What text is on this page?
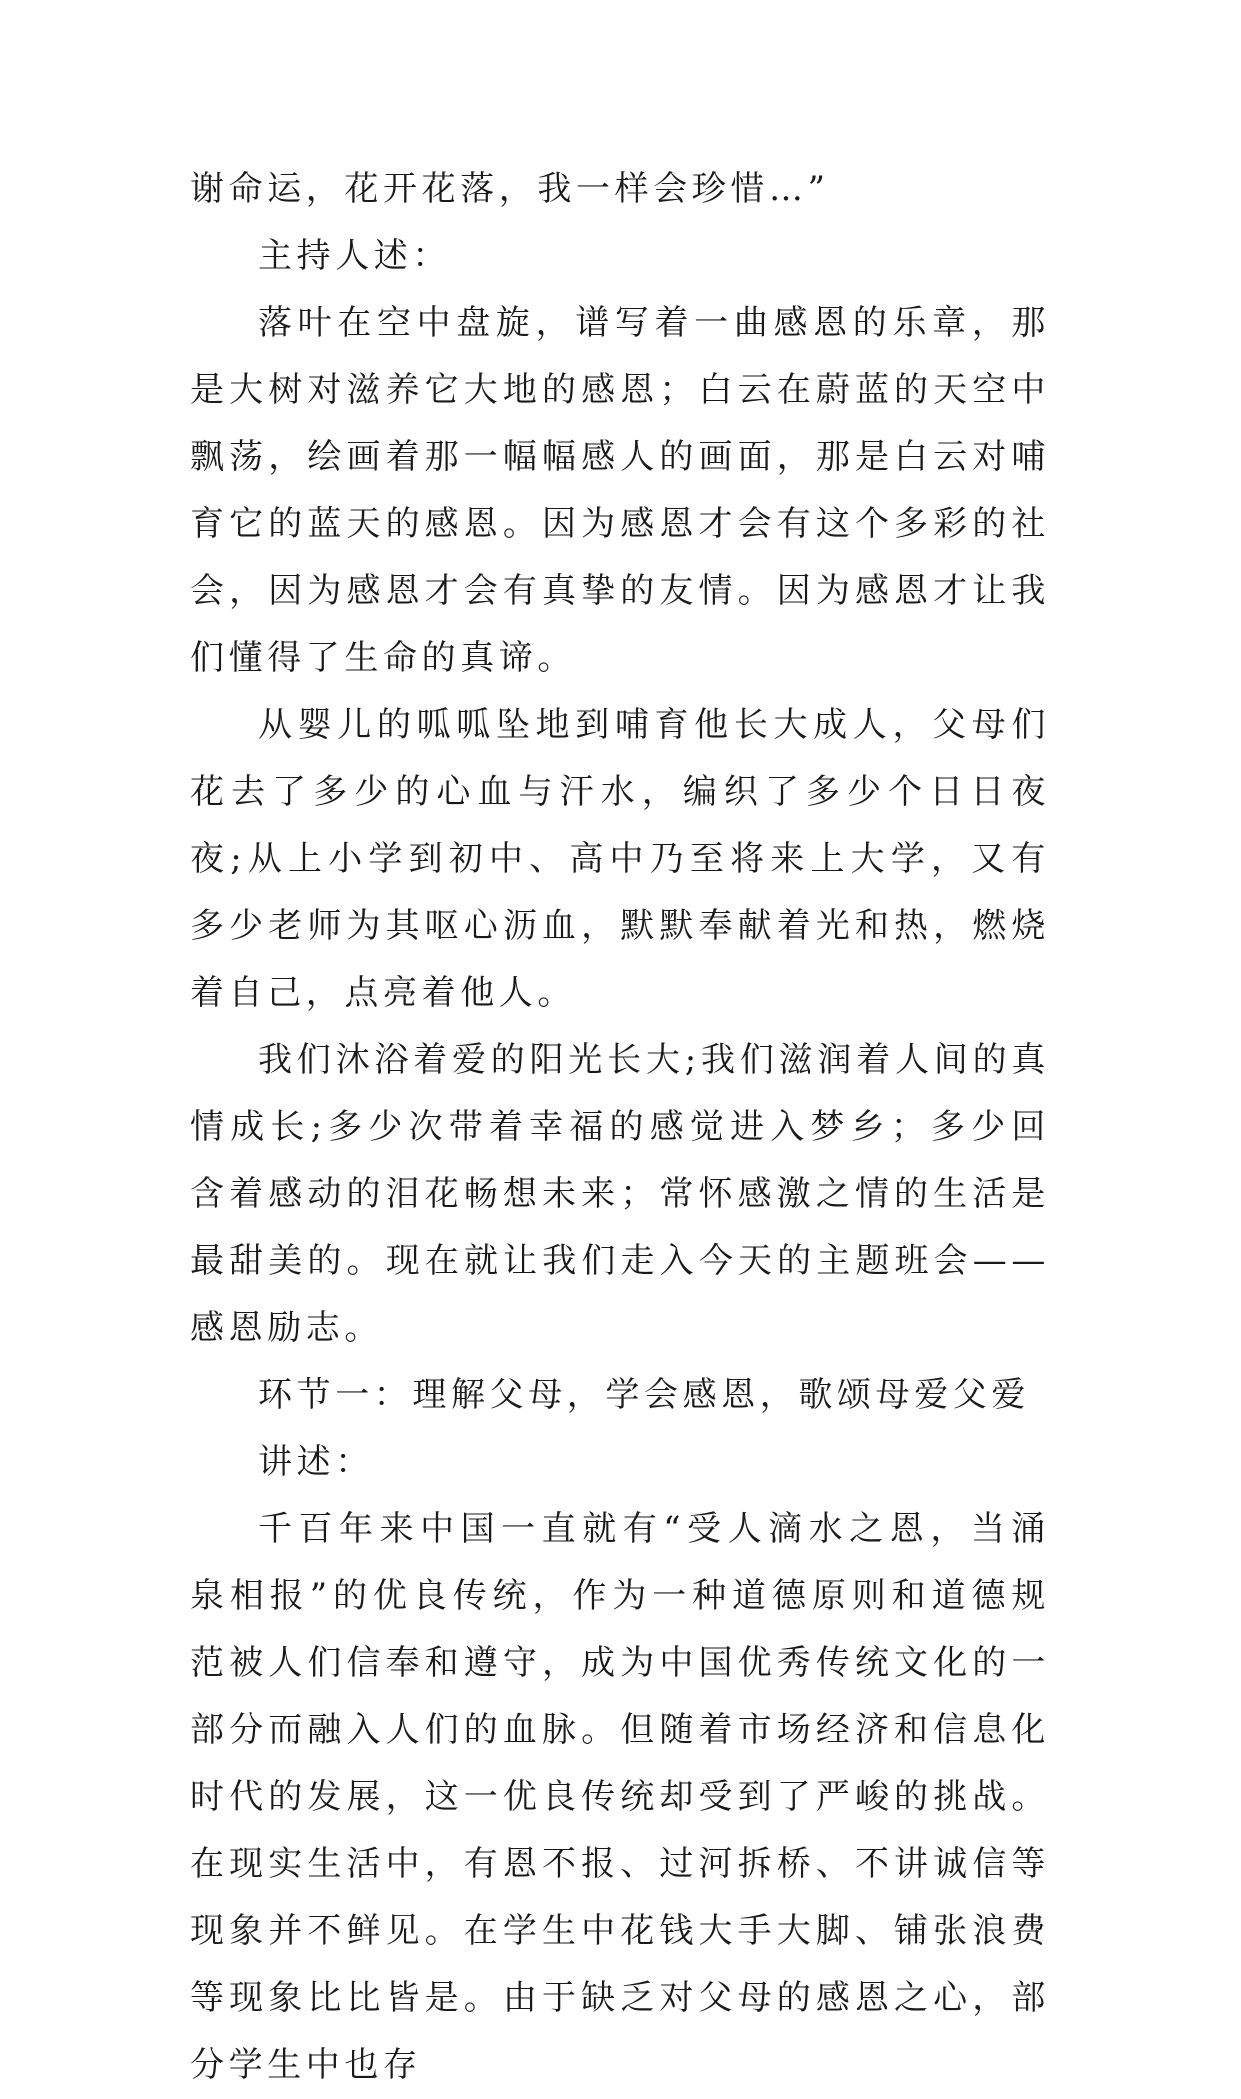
谢命运，花开花落，我一样会珍惜…”

主持人述：

落叶在空中盘旋，谱写着一曲感恩的乐章，那是大树对滋养它大地的感恩；白云在蔚蓝的天空中飘荡，绘画着那一幅幅感人的画面，那是白云对哺育它的蓝天的感恩。因为感恩才会有这个多彩的社会，因为感恩才会有真挚的友情。因为感恩才让我们懂得了生命的真谛。

从婴儿的呱呱坠地到哺育他长大成人，父母们花去了多少的心血与汗水，编织了多少个日日夜夜;从上小学到初中、高中乃至将来上大学，又有多少老师为其呕心沥血，默默奉献着光和热，燃烧着自己，点亮着他人。

我们沐浴着爱的阳光长大;我们滋润着人间的真情成长;多少次带着幸福的感觉进入梦乡；多少回含着感动的泪花畅想未来；常怀感激之情的生活是最甜美的。现在就让我们走入今天的主题班会——感恩励志。

环节一：理解父母，学会感恩，歌颂母爱父爱

讲述：

千百年来中国一直就有“受人滴水之恩，当涌泉相报”的优良传统，作为一种道德原则和道德规范被人们信奉和遵守，成为中国优秀传统文化的一部分而融入人们的血脉。但随着市场经济和信息化时代的发展，这一优良传统却受到了严峻的挑战。在现实生活中，有恩不报、过河拆桥、不讲诚信等现象并不鲜见。在学生中花钱大手大脚、铺张浪费等现象比比皆是。由于缺乏对父母的感恩之心，部分学生中也存
